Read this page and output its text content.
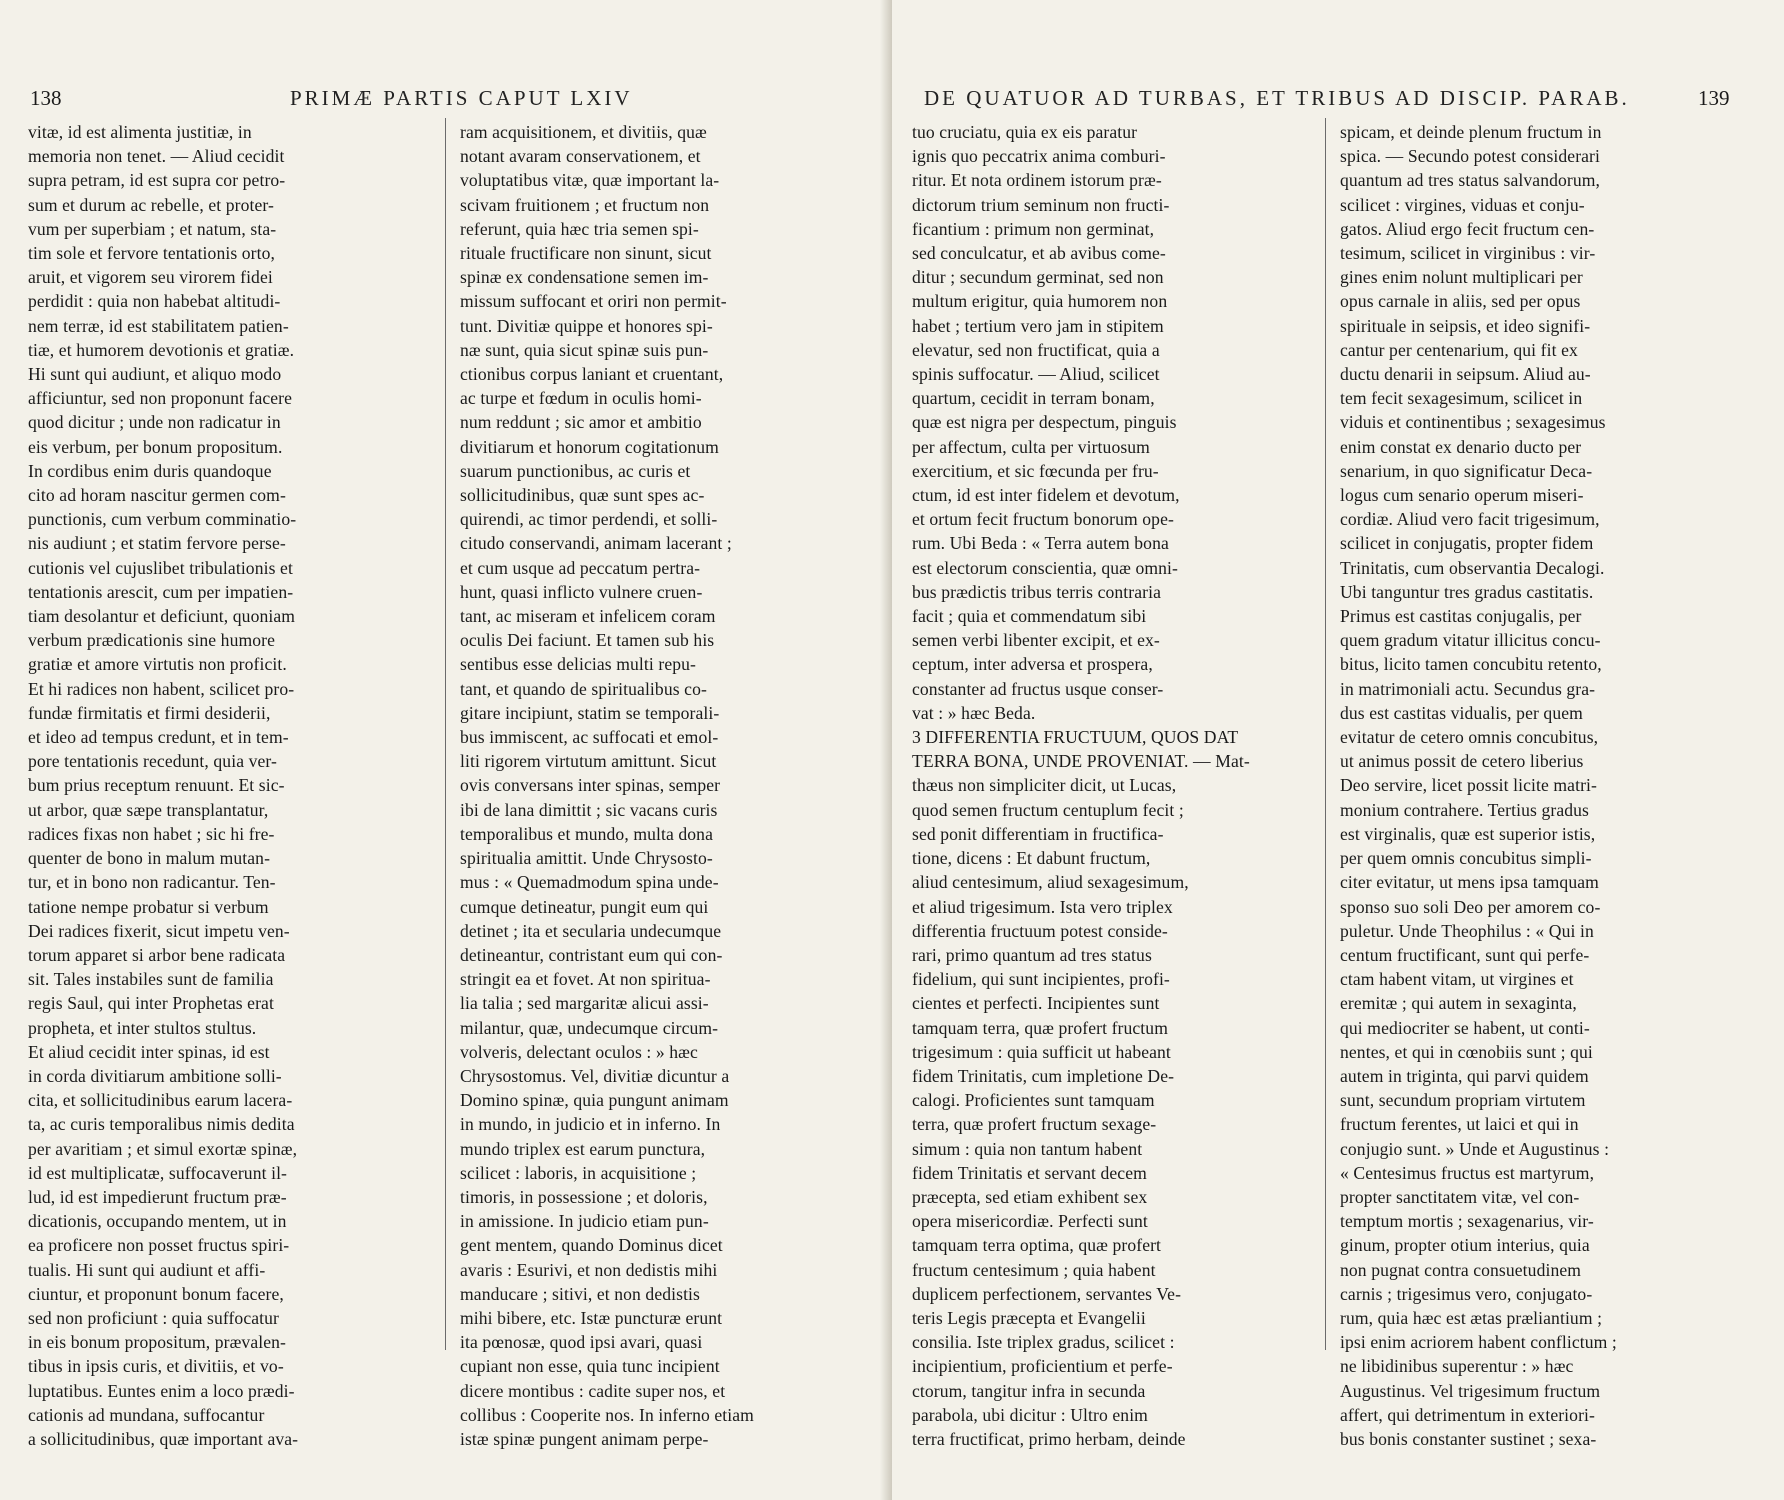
138	PRIMÆ PARTIS CAPUT LXIV
vitæ, id est alimenta justitiæ, in
memoria non tenet. — Aliud cecidit
supra petram, id est supra cor petro-
sum et durum ac rebelle, et proter-
vum per superbiam ; et natum, sta-
tim sole et fervore tentationis orto,
aruit, et vigorem seu virorem fidei
perdidit : quia non habebat altitudi-
nem terræ, id est stabilitatem patien-
tiæ, et humorem devotionis et gratiæ.
Hi sunt qui audiunt, et aliquo modo
afficiuntur, sed non proponunt facere
quod dicitur ; unde non radicatur in
eis verbum, per bonum propositum.
In cordibus enim duris quandoque
cito ad horam nascitur germen com-
punctionis, cum verbum comminatio-
nis audiunt ; et statim fervore perse-
cutionis vel cujuslibet tribulationis et
tentationis arescit, cum per impatien-
tiam desolantur et deficiunt, quoniam
verbum prædicationis sine humore
gratiæ et amore virtutis non proficit.
Et hi radices non habent, scilicet pro-
fundæ firmitatis et firmi desiderii,
et ideo ad tempus credunt, et in tem-
pore tentationis recedunt, quia ver-
bum prius receptum renuunt. Et sic-
ut arbor, quæ sæpe transplantatur,
radices fixas non habet ; sic hi fre-
quenter de bono in malum mutan-
tur, et in bono non radicantur. Ten-
tatione nempe probatur si verbum
Dei radices fixerit, sicut impetu ven-
torum apparet si arbor bene radicata
sit. Tales instabiles sunt de familia
regis Saul, qui inter Prophetas erat
propheta, et inter stultos stultus.
Et aliud cecidit inter spinas, id est
in corda divitiarum ambitione solli-
cita, et sollicitudinibus earum lacera-
ta, ac curis temporalibus nimis dedita
per avaritiam ; et simul exortæ spinæ,
id est multiplicatæ, suffocaverunt il-
lud, id est impedierunt fructum præ-
dicationis, occupando mentem, ut in
ea proficere non posset fructus spiri-
tualis. Hi sunt qui audiunt et affi-
ciuntur, et proponunt bonum facere,
sed non proficiunt : quia suffocatur
in eis bonum propositum, prævalen-
tibus in ipsis curis, et divitiis, et vo-
luptatibus. Euntes enim a loco prædi-
cationis ad mundana, suffocantur
a sollicitudinibus, quæ important ava-
ram acquisitionem, et divitiis, quæ
notant avaram conservationem, et
voluptatibus vitæ, quæ important la-
scivam fruitionem ; et fructum non
referunt, quia hæc tria semen spi-
rituale fructificare non sinunt, sicut
spinæ ex condensatione semen im-
missum suffocant et oriri non permit-
tunt. Divitiæ quippe et honores spi-
næ sunt, quia sicut spinæ suis pun-
ctionibus corpus laniant et cruentant,
ac turpe et fœdum in oculis homi-
num reddunt ; sic amor et ambitio
divitiarum et honorum cogitationum
suarum punctionibus, ac curis et
sollicitudinibus, quæ sunt spes ac-
quirendi, ac timor perdendi, et solli-
citudo conservandi, animam lacerant ;
et cum usque ad peccatum pertra-
hunt, quasi inflicto vulnere cruen-
tant, ac miseram et infelicem coram
oculis Dei faciunt. Et tamen sub his
sentibus esse delicias multi repu-
tant, et quando de spiritualibus co-
gitare incipiunt, statim se temporali-
bus immiscent, ac suffocati et emol-
liti rigorem virtutum amittunt. Sicut
ovis conversans inter spinas, semper
ibi de lana dimittit ; sic vacans curis
temporalibus et mundo, multa dona
spiritualia amittit. Unde Chrysosto-
mus : « Quemadmodum spina unde-
cumque detineatur, pungit eum qui
detinet ; ita et secularia undecumque
detineantur, contristant eum qui con-
stringit ea et fovet. At non spiritua-
lia talia ; sed margaritæ alicui assi-
milantur, quæ, undecumque circum-
volveris, delectant oculos : » hæc
Chrysostomus. Vel, divitiæ dicuntur a
Domino spinæ, quia pungunt animam
in mundo, in judicio et in inferno. In
mundo triplex est earum punctura,
scilicet : laboris, in acquisitione ;
timoris, in possessione ; et doloris,
in amissione. In judicio etiam pun-
gent mentem, quando Dominus dicet
avaris : Esurivi, et non dedistis mihi
manducare ; sitivi, et non dedistis
mihi bibere, etc. Istæ puncturæ erunt
ita pœnosæ, quod ipsi avari, quasi
cupiant non esse, quia tunc incipient
dicere montibus : cadite super nos, et
collibus : Cooperite nos. In inferno etiam
istæ spinæ pungent animam perpe-
DE QUATUOR AD TURBAS, ET TRIBUS AD DISCIP. PARAB.	139
tuo cruciatu, quia ex eis paratur
ignis quo peccatrix anima comburi-
ritur. Et nota ordinem istorum præ-
dictorum trium seminum non fructi-
ficantium : primum non germinat,
sed conculcatur, et ab avibus come-
ditur ; secundum germinat, sed non
multum erigitur, quia humorem non
habet ; tertium vero jam in stipitem
elevatur, sed non fructificat, quia a
spinis suffocatur. — Aliud, scilicet
quartum, cecidit in terram bonam,
quæ est nigra per despectum, pinguis
per affectum, culta per virtuosum
exercitium, et sic fœcunda per fru-
ctum, id est inter fidelem et devotum,
et ortum fecit fructum bonorum ope-
rum. Ubi Beda : « Terra autem bona
est electorum conscientia, quæ omni-
bus prædictis tribus terris contraria
facit ; quia et commendatum sibi
semen verbi libenter excipit, et ex-
ceptum, inter adversa et prospera,
constanter ad fructus usque conser-
vat : » hæc Beda.
3 DIFFERENTIA FRUCTUUM, QUOS DAT
TERRA BONA, UNDE PROVENIAT. — Mat-
thæus non simpliciter dicit, ut Lucas,
quod semen fructum centuplum fecit ;
sed ponit differentiam in fructifica-
tione, dicens : Et dabunt fructum,
aliud centesimum, aliud sexagesimum,
et aliud trigesimum. Ista vero triplex
differentia fructuum potest conside-
rari, primo quantum ad tres status
fidelium, qui sunt incipientes, profi-
cientes et perfecti. Incipientes sunt
tamquam terra, quæ profert fructum
trigesimum : quia sufficit ut habeant
fidem Trinitatis, cum impletione De-
calogi. Proficientes sunt tamquam
terra, quæ profert fructum sexage-
simum : quia non tantum habent
fidem Trinitatis et servant decem
præcepta, sed etiam exhibent sex
opera misericordiæ. Perfecti sunt
tamquam terra optima, quæ profert
fructum centesimum ; quia habent
duplicem perfectionem, servantes Ve-
teris Legis præcepta et Evangelii
consilia. Iste triplex gradus, scilicet :
incipientium, proficientium et perfe-
ctorum, tangitur infra in secunda
parabola, ubi dicitur : Ultro enim
terra fructificat, primo herbam, deinde
spicam, et deinde plenum fructum in
spica. — Secundo potest considerari
quantum ad tres status salvandorum,
scilicet : virgines, viduas et conju-
gatos. Aliud ergo fecit fructum cen-
tesimum, scilicet in virginibus : vir-
gines enim nolunt multiplicari per
opus carnale in aliis, sed per opus
spirituale in seipsis, et ideo signifi-
cantur per centenarium, qui fit ex
ductu denarii in seipsum. Aliud au-
tem fecit sexagesimum, scilicet in
viduis et continentibus ; sexagesimus
enim constat ex denario ducto per
senarium, in quo significatur Deca-
logus cum senario operum miseri-
cordiæ. Aliud vero facit trigesimum,
scilicet in conjugatis, propter fidem
Trinitatis, cum observantia Decalogi.
Ubi tanguntur tres gradus castitatis.
Primus est castitas conjugalis, per
quem gradum vitatur illicitus concu-
bitus, licito tamen concubitu retento,
in matrimoniali actu. Secundus gra-
dus est castitas vidualis, per quem
evitatur de cetero omnis concubitus,
ut animus possit de cetero liberius
Deo servire, licet possit licite matri-
monium contrahere. Tertius gradus
est virginalis, quæ est superior istis,
per quem omnis concubitus simpli-
citer evitatur, ut mens ipsa tamquam
sponso suo soli Deo per amorem co-
puletur. Unde Theophilus : « Qui in
centum fructificant, sunt qui perfe-
ctam habent vitam, ut virgines et
eremitæ ; qui autem in sexaginta,
qui mediocriter se habent, ut conti-
nentes, et qui in cœnobiis sunt ; qui
autem in triginta, qui parvi quidem
sunt, secundum propriam virtutem
fructum ferentes, ut laici et qui in
conjugio sunt. » Unde et Augustinus :
« Centesimus fructus est martyrum,
propter sanctitatem vitæ, vel con-
temptum mortis ; sexagenarius, vir-
ginum, propter otium interius, quia
non pugnat contra consuetudinem
carnis ; trigesimus vero, conjugato-
rum, quia hæc est ætas præliantium ;
ipsi enim acriorem habent conflictum ;
ne libidinibus superentur : » hæc
Augustinus. Vel trigesimum fructum
affert, qui detrimentum in exteriori-
bus bonis constanter sustinet ; sexa-
